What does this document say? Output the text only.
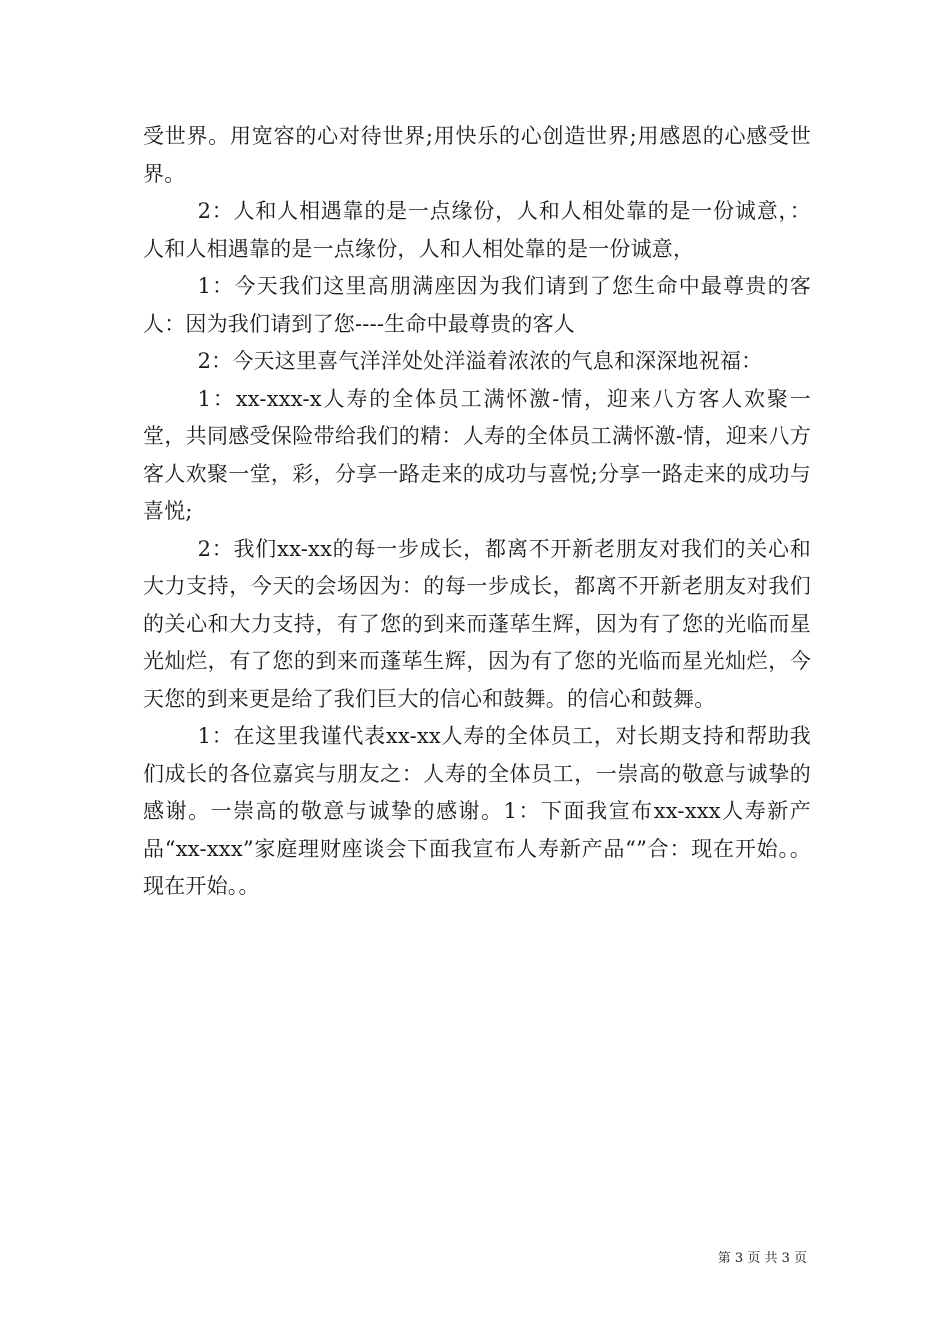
受世界。用宽容的心对待世界;用快乐的心创造世界;用感恩的心感受世界。

2：人和人相遇靠的是一点缘份，人和人相处靠的是一份诚意，：人和人相遇靠的是一点缘份，人和人相处靠的是一份诚意，

1：今天我们这里高朋满座因为我们请到了您生命中最尊贵的客人：因为我们请到了您----生命中最尊贵的客人

2：今天这里喜气洋洋处处洋溢着浓浓的气息和深深地祝福：

1：xx-xxx-x人寿的全体员工满怀激-情，迎来八方客人欢聚一堂，共同感受保险带给我们的精：人寿的全体员工满怀激-情，迎来八方客人欢聚一堂，彩，分享一路走来的成功与喜悦;分享一路走来的成功与喜悦;

2：我们xx-xx的每一步成长，都离不开新老朋友对我们的关心和大力支持，今天的会场因为：的每一步成长，都离不开新老朋友对我们的关心和大力支持，有了您的到来而蓬荜生辉，因为有了您的光临而星光灿烂，有了您的到来而蓬荜生辉，因为有了您的光临而星光灿烂，今天您的到来更是给了我们巨大的信心和鼓舞。的信心和鼓舞。

1：在这里我谨代表xx-xx人寿的全体员工，对长期支持和帮助我们成长的各位嘉宾与朋友之：人寿的全体员工，一崇高的敬意与诚挚的感谢。一崇高的敬意与诚挚的感谢。1：下面我宣布xx-xxx人寿新产品“xx-xxx”家庭理财座谈会下面我宣布人寿新产品“”合：现在开始。。现在开始。。

第 3 页 共 3 页
